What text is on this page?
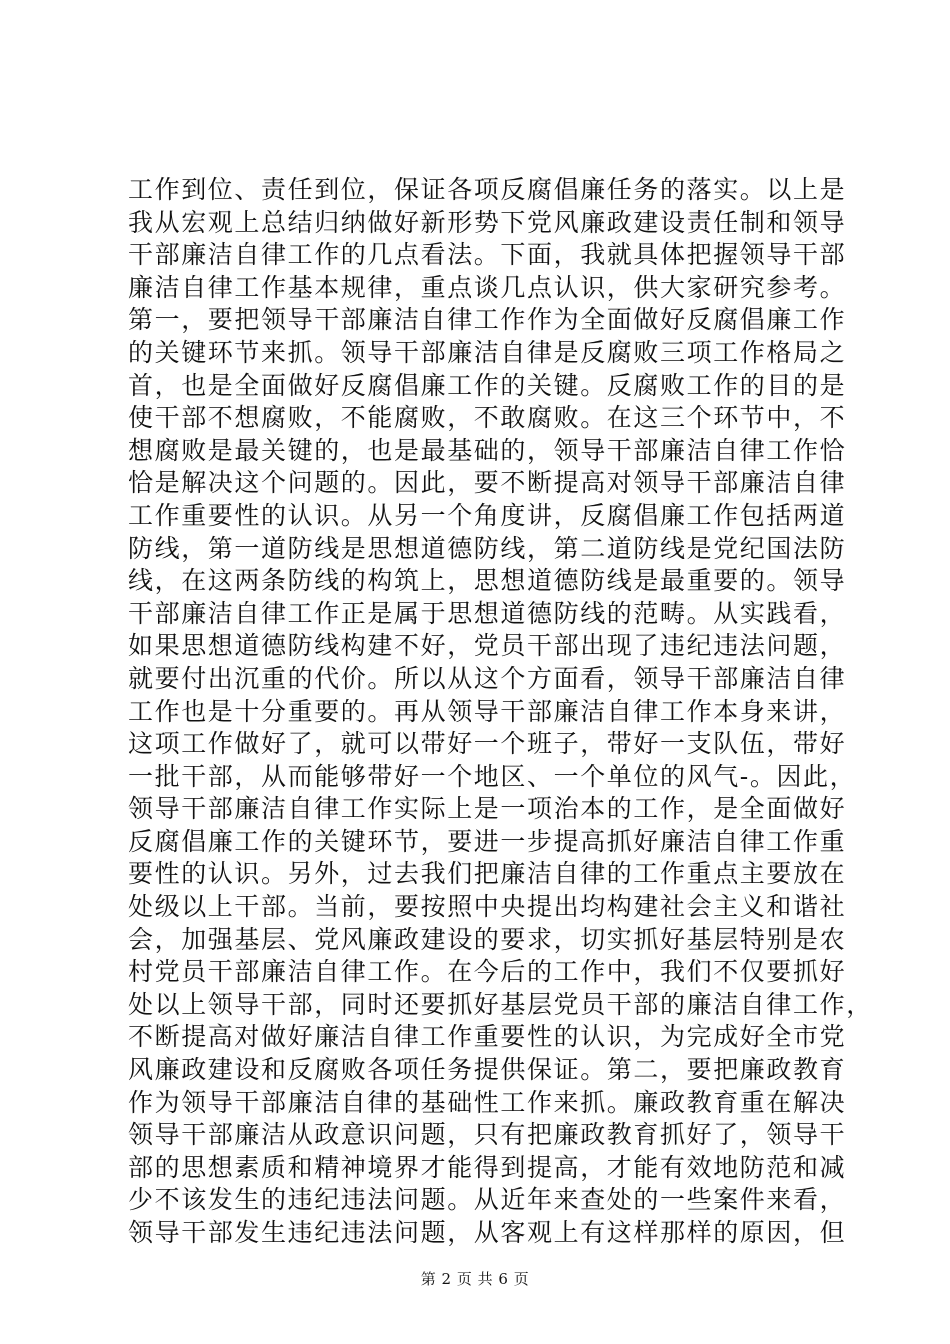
工作到位、责任到位，保证各项反腐倡廉任务的落实。以上是
我从宏观上总结归纳做好新形势下党风廉政建设责任制和领导
干部廉洁自律工作的几点看法。下面，我就具体把握领导干部
廉洁自律工作基本规律，重点谈几点认识，供大家研究参考。
第一，要把领导干部廉洁自律工作作为全面做好反腐倡廉工作
的关键环节来抓。领导干部廉洁自律是反腐败三项工作格局之
首，也是全面做好反腐倡廉工作的关键。反腐败工作的目的是
使干部不想腐败，不能腐败，不敢腐败。在这三个环节中，不
想腐败是最关键的，也是最基础的，领导干部廉洁自律工作恰
恰是解决这个问题的。因此，要不断提高对领导干部廉洁自律
工作重要性的认识。从另一个角度讲，反腐倡廉工作包括两道
防线，第一道防线是思想道德防线，第二道防线是党纪国法防
线，在这两条防线的构筑上，思想道德防线是最重要的。领导
干部廉洁自律工作正是属于思想道德防线的范畴。从实践看，
如果思想道德防线构建不好，党员干部出现了违纪违法问题，
就要付出沉重的代价。所以从这个方面看，领导干部廉洁自律
工作也是十分重要的。再从领导干部廉洁自律工作本身来讲，
这项工作做好了，就可以带好一个班子，带好一支队伍，带好
一批干部，从而能够带好一个地区、一个单位的风气-。因此，
领导干部廉洁自律工作实际上是一项治本的工作，是全面做好
反腐倡廉工作的关键环节，要进一步提高抓好廉洁自律工作重
要性的认识。另外，过去我们把廉洁自律的工作重点主要放在
处级以上干部。当前，要按照中央提出均构建社会主义和谐社
会，加强基层、党风廉政建设的要求，切实抓好基层特别是农
村党员干部廉洁自律工作。在今后的工作中，我们不仅要抓好
处以上领导干部，同时还要抓好基层党员干部的廉洁自律工作，
不断提高对做好廉洁自律工作重要性的认识，为完成好全市党
风廉政建设和反腐败各项任务提供保证。第二，要把廉政教育
作为领导干部廉洁自律的基础性工作来抓。廉政教育重在解决
领导干部廉洁从政意识问题，只有把廉政教育抓好了，领导干
部的思想素质和精神境界才能得到提高，才能有效地防范和减
少不该发生的违纪违法问题。从近年来查处的一些案件来看，
领导干部发生违纪违法问题，从客观上有这样那样的原因，但
第 2 页 共 6 页
